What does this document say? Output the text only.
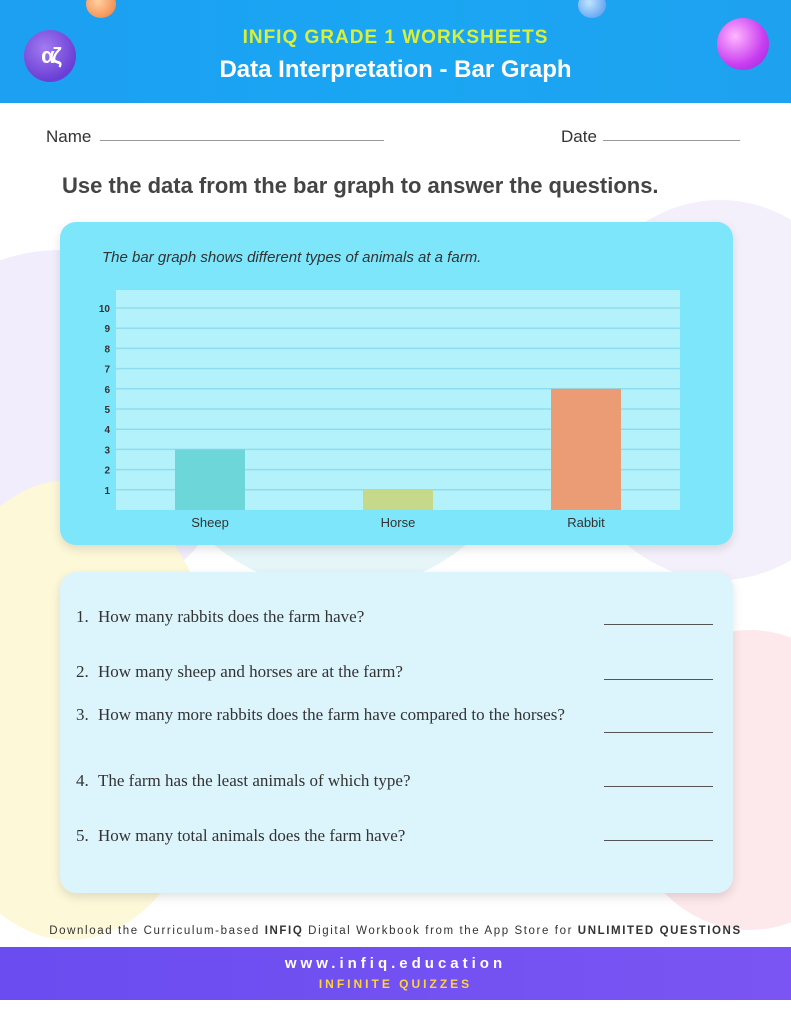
αζ
INFIQ GRADE 1 WORKSHEETS
Data Interpretation - Bar Graph
Name	Date
Use the data from the bar graph to answer the questions.
The bar graph shows different types of animals at a farm.
1
2
3
4
5
6
7
8
9
10
Sheep	Horse	Rabbit
1. How many rabbits does the farm have?
2. How many sheep and horses are at the farm?
3. How many more rabbits does the farm have compared to the horses?
4. The farm has the least animals of which type?
5. How many total animals does the farm have?
Download the Curriculum-based INFIQ Digital Workbook from the App Store for UNLIMITED QUESTIONS
www.infiq.education
INFINITE QUIZZES
